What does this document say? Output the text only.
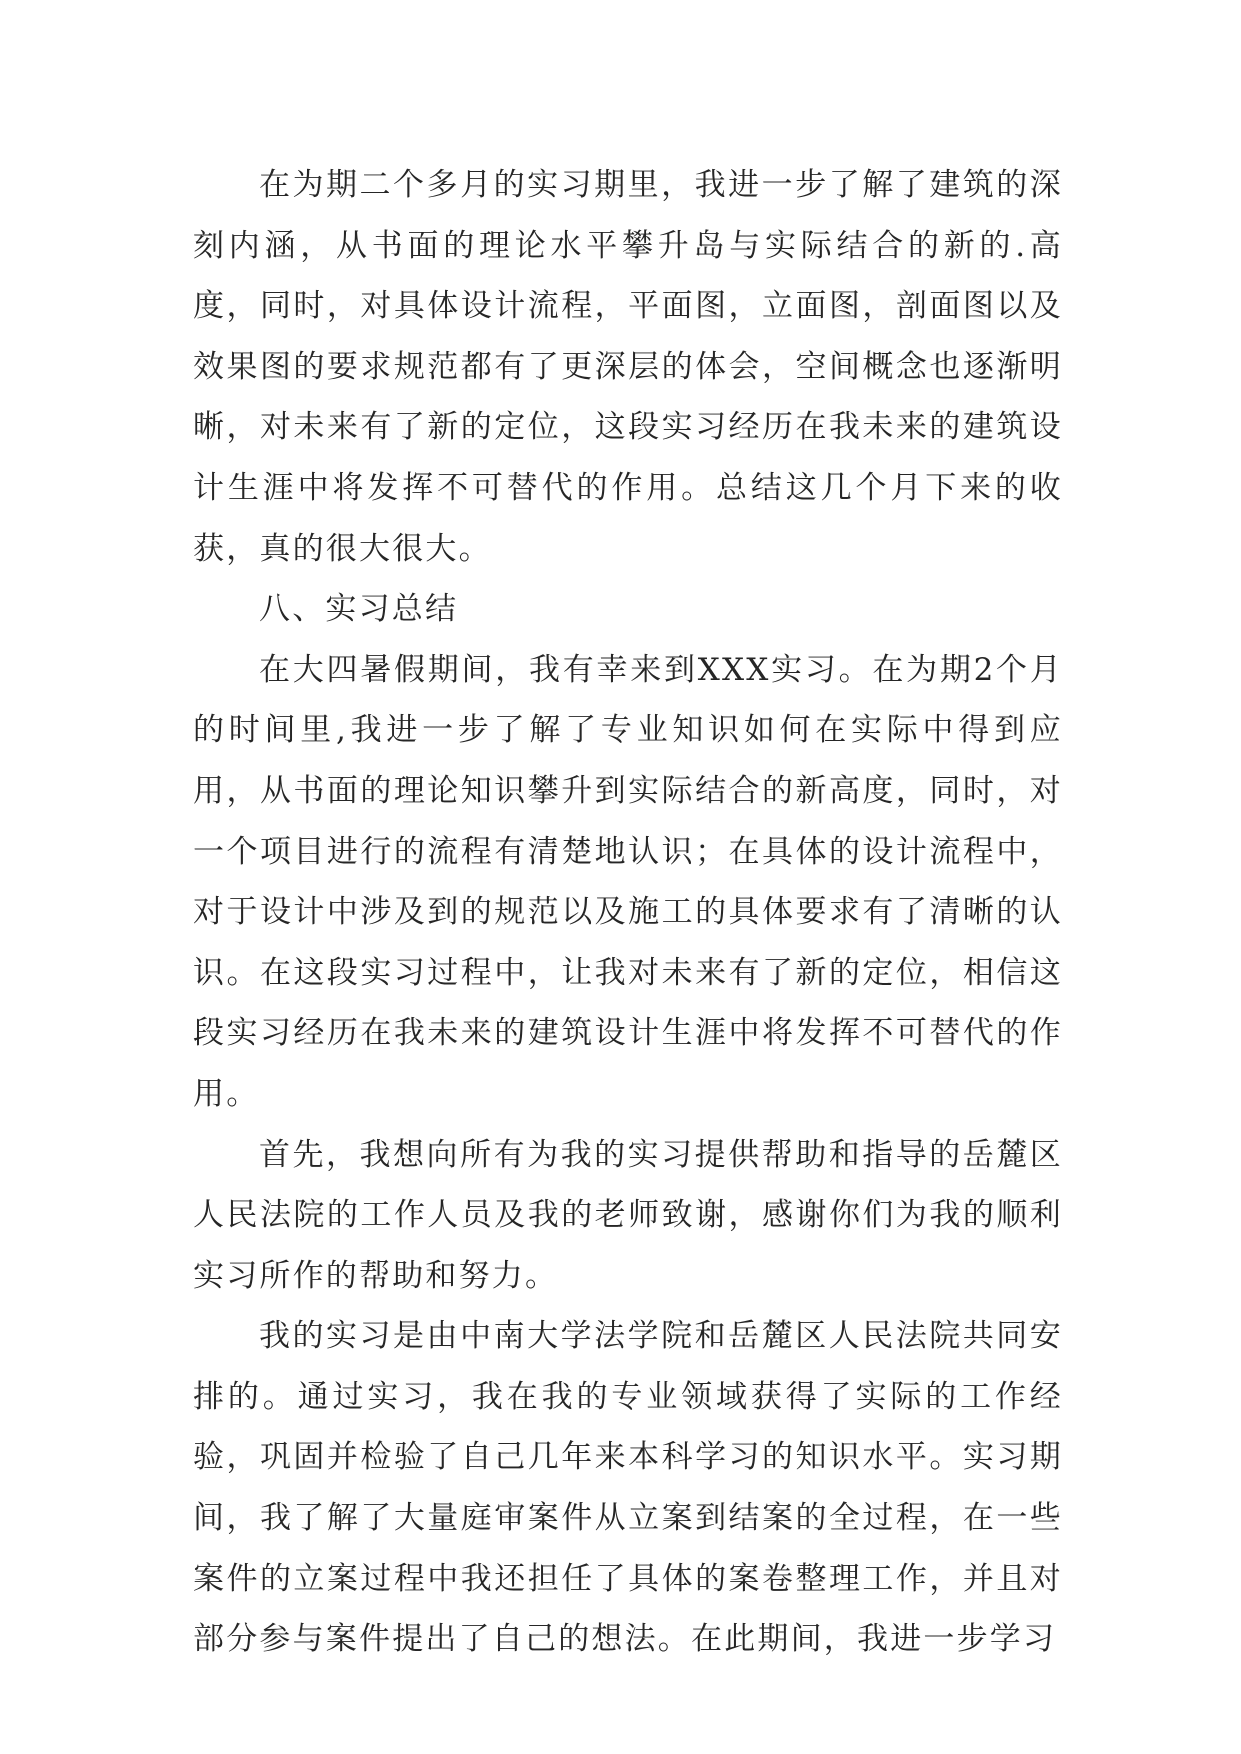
在为期二个多月的实习期里，我进一步了解了建筑的深刻内涵，从书面的理论水平攀升岛与实际结合的新的.高度，同时，对具体设计流程，平面图，立面图，剖面图以及效果图的要求规范都有了更深层的体会，空间概念也逐渐明晰，对未来有了新的定位，这段实习经历在我未来的建筑设计生涯中将发挥不可替代的作用。总结这几个月下来的收获，真的很大很大。

八、实习总结

在大四暑假期间，我有幸来到XXX实习。在为期2个月的时间里,我进一步了解了专业知识如何在实际中得到应用，从书面的理论知识攀升到实际结合的新高度，同时，对一个项目进行的流程有清楚地认识；在具体的设计流程中，对于设计中涉及到的规范以及施工的具体要求有了清晰的认识。在这段实习过程中，让我对未来有了新的定位，相信这段实习经历在我未来的建筑设计生涯中将发挥不可替代的作用。

首先，我想向所有为我的实习提供帮助和指导的岳麓区人民法院的工作人员及我的老师致谢，感谢你们为我的顺利实习所作的帮助和努力。

我的实习是由中南大学法学院和岳麓区人民法院共同安排的。通过实习，我在我的专业领域获得了实际的工作经验，巩固并检验了自己几年来本科学习的知识水平。实习期间，我了解了大量庭审案件从立案到结案的全过程，在一些案件的立案过程中我还担任了具体的案卷整理工作，并且对部分参与案件提出了自己的想法。在此期间，我进一步学习
